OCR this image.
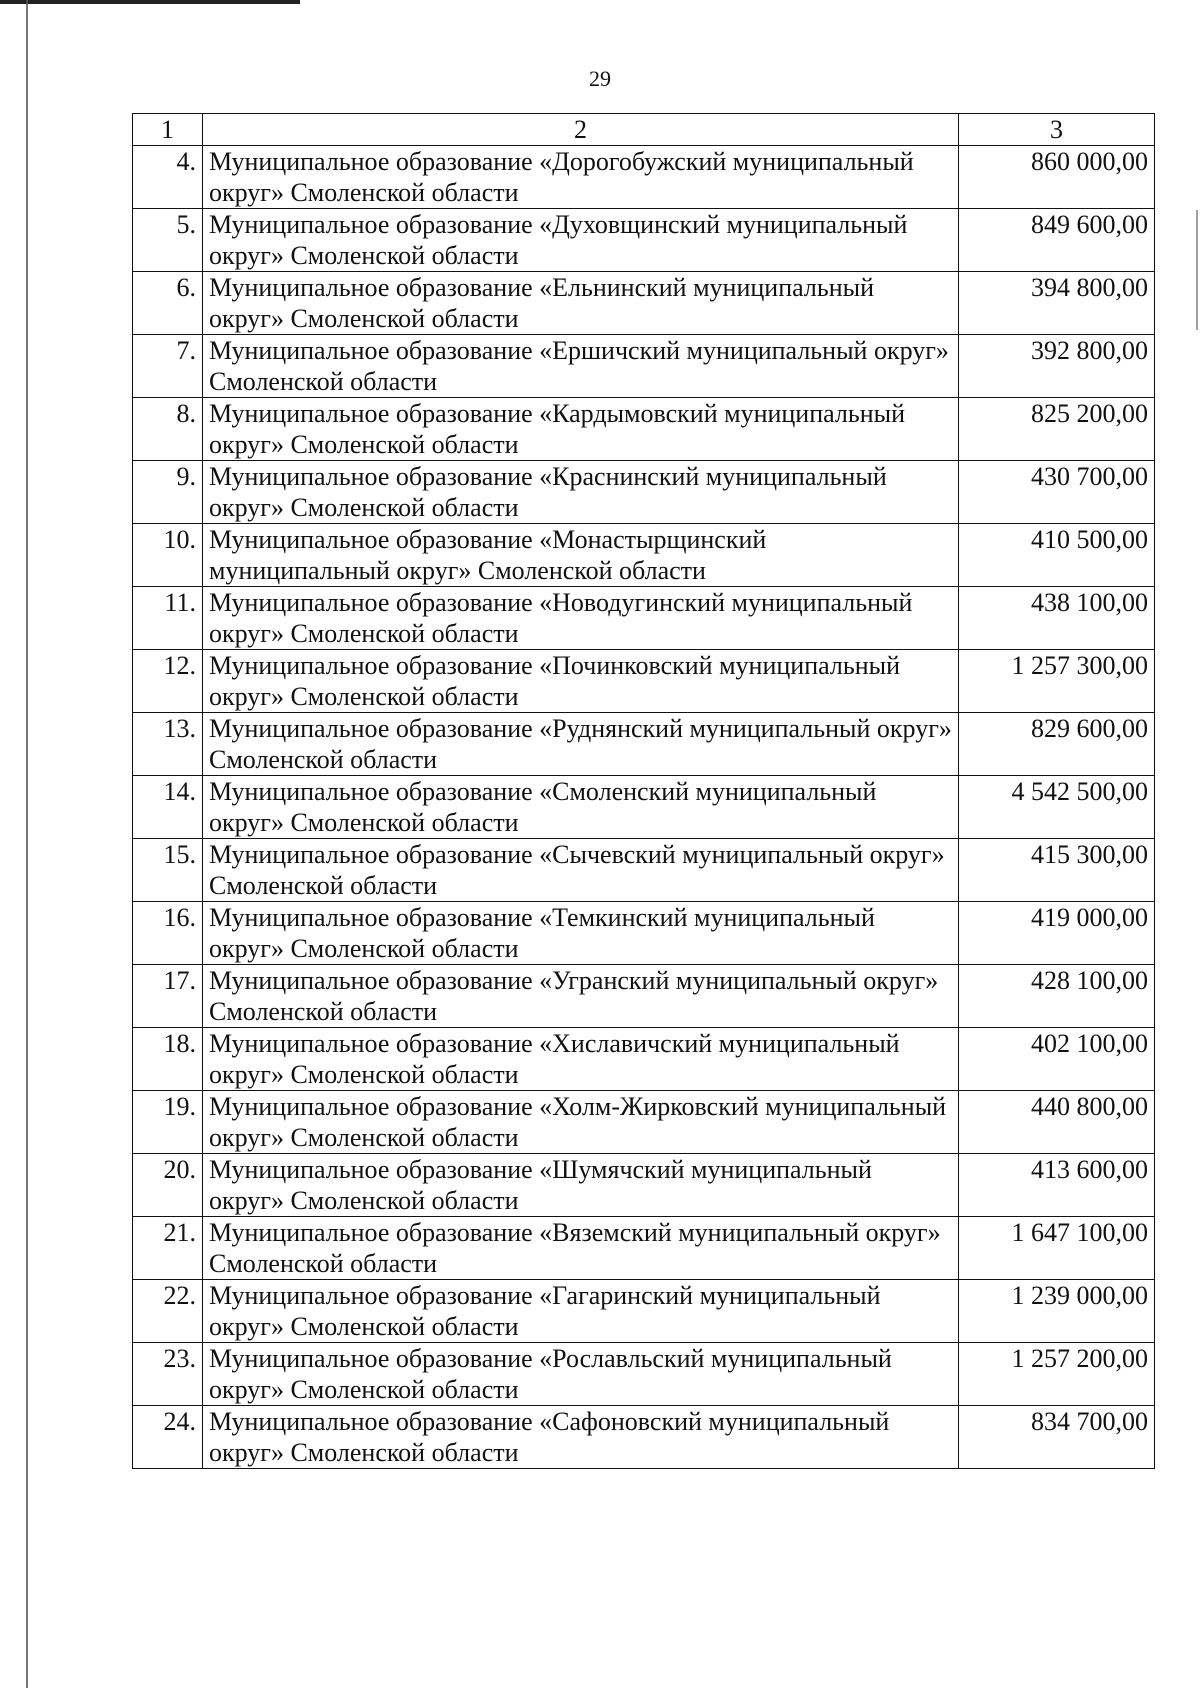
29
1	2	3
4.	Муниципальное образование «Дорогобужский муниципальный округ» Смоленской области	860 000,00
5.	Муниципальное образование «Духовщинский муниципальный округ» Смоленской области	849 600,00
6.	Муниципальное образование «Ельнинский муниципальный округ» Смоленской области	394 800,00
7.	Муниципальное образование «Ершичский муниципальный округ» Смоленской области	392 800,00
8.	Муниципальное образование «Кардымовский муниципальный округ» Смоленской области	825 200,00
9.	Муниципальное образование «Краснинский муниципальный округ» Смоленской области	430 700,00
10.	Муниципальное образование «Монастырщинский муниципальный округ» Смоленской области	410 500,00
11.	Муниципальное образование «Новодугинский муниципальный округ» Смоленской области	438 100,00
12.	Муниципальное образование «Починковский муниципальный округ» Смоленской области	1 257 300,00
13.	Муниципальное образование «Руднянский муниципальный округ» Смоленской области	829 600,00
14.	Муниципальное образование «Смоленский муниципальный округ» Смоленской области	4 542 500,00
15.	Муниципальное образование «Сычевский муниципальный округ» Смоленской области	415 300,00
16.	Муниципальное образование «Темкинский муниципальный округ» Смоленской области	419 000,00
17.	Муниципальное образование «Угранский муниципальный округ» Смоленской области	428 100,00
18.	Муниципальное образование «Хиславичский муниципальный округ» Смоленской области	402 100,00
19.	Муниципальное образование «Холм-Жирковский муниципальный округ» Смоленской области	440 800,00
20.	Муниципальное образование «Шумячский муниципальный округ» Смоленской области	413 600,00
21.	Муниципальное образование «Вяземский муниципальный округ» Смоленской области	1 647 100,00
22.	Муниципальное образование «Гагаринский муниципальный округ» Смоленской области	1 239 000,00
23.	Муниципальное образование «Рославльский муниципальный округ» Смоленской области	1 257 200,00
24.	Муниципальное образование «Сафоновский муниципальный округ» Смоленской области	834 700,00
